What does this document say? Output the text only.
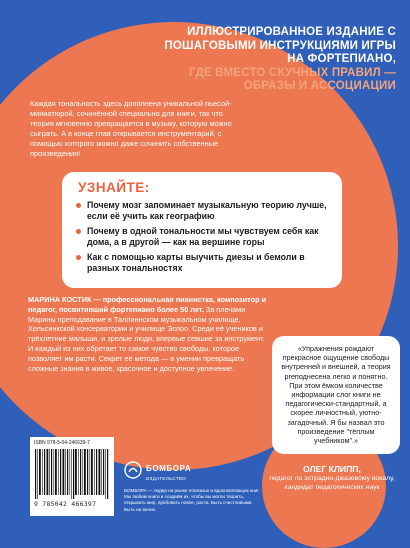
ИЛЛЮСТРИРОВАННОЕ ИЗДАНИЕ С ПОШАГОВЫМИ ИНСТРУКЦИЯМИ ИГРЫ НА ФОРТЕПИАНО,
ГДЕ ВМЕСТО СКУЧНЫХ ПРАВИЛ — ОБРАЗЫ И АССОЦИАЦИИ
Каждая тональность здесь дополнена уникальной пьесой-миниатюрой, сочинённой специально для книги, так что теория мгновенно превращается в музыку, которую можно сыграть. А в конце глав открывается инструментарий, с помощью которого можно даже сочинить собственные произведения!
УЗНАЙТЕ:
Почему мозг запоминает музыкальную теорию лучше, если её учить как географию
Почему в одной тональности мы чувствуем себя как дома, а в другой — как на вершине горы
Как с помощью карты выучить диезы и бемоли в разных тональностях
МАРИНА КОСТИК — профессиональная пианистка, композитор и педагог, посвятивший фортепиано более 50 лет. За плечами Марины преподавание в Таллиннском музыкальном училище, Хельсинкской консерватории и училище Эспоо. Среди её учеников и трёхлетние малыши, и зрелые люди, впервые севшие за инструмент. И каждый из них обретает то самое чувство свободы, которое позволяет им расти. Секрет её метода — в умении превращать сложные знания в живое, красочное и доступное увлечение.
«Упражнения рождают прекрасное ощущение свободы внутренней и внешней, а теория preподнесена легко и понятно. При этом ёмком количестве информации слог книги не педагогически-стандартный, а скорее личностный, уютно-загадочный. Я бы назвал это произведение "тёплым учебником".»
ОЛЕГ КЛИПП,
педагог по эстрадно-джазовому вокалу, кандидат педагогических наук
ISBN 978-5-04-246639-7
9 785042 466397
БОМБОРА
ИЗДАТЕЛЬСТВО
БОМБОРА — лидер на рынке полезных и вдохновляющих книг. Мы любим книги и создаём их, чтобы вы могли творить, открывать мир, пробовать новое, расти. Быть счастливыми. Быть на волне.
